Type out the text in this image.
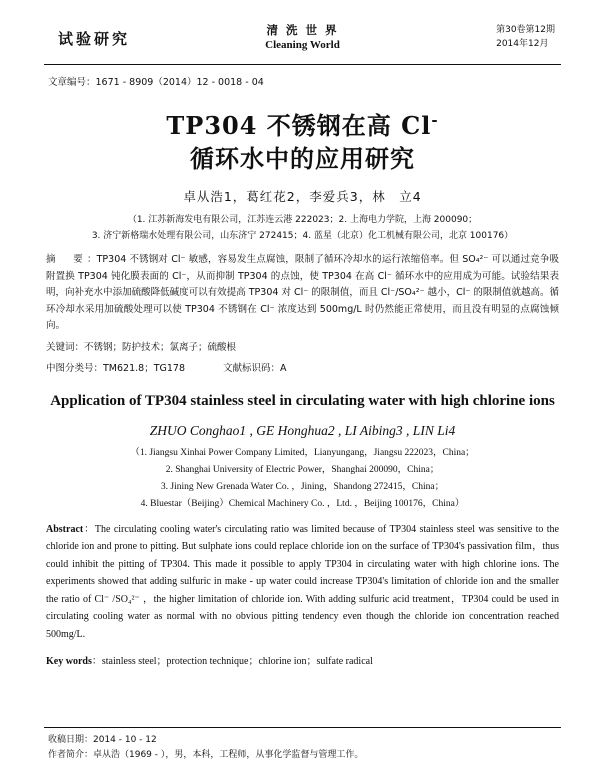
试验研究	清 洗 世 界
Cleaning World
第30卷第12期
2014年12月
文章编号：1671 - 8909（2014）12 - 0018 - 04
TP304 不锈钢在高 Cl-
循环水中的应用研究
卓从浩1，葛红花2，李爱兵3，林　立4
（1. 江苏新海发电有限公司，江苏连云港 222023；2. 上海电力学院，上海 200090；
3. 济宁新格瑞水处理有限公司，山东济宁 272415；4. 蓝星（北京）化工机械有限公司，北京 100176）
摘　要：TP304 不锈钢对 Cl⁻ 敏感，容易发生点腐蚀，限制了循环冷却水的运行浓缩倍率。但 SO₄²⁻ 可以通过竞争吸附置换 TP304 钝化膜表面的 Cl⁻，从而抑制 TP304 的点蚀，使 TP304 在高 Cl⁻ 循环水中的应用成为可能。试验结果表明，向补充水中添加硫酸降低碱度可以有效提高 TP304 对 Cl⁻ 的限制值，而且 Cl⁻/SO₄²⁻ 越小，Cl⁻ 的限制值就越高。循环冷却水采用加硫酸处理可以使 TP304 不锈钢在 Cl⁻ 浓度达到 500mg/L 时仍然能正常使用，而且没有明显的点腐蚀倾向。
关键词：不锈钢；防护技术；氯离子；硫酸根
中图分类号：TM621.8；TG178	文献标识码：A
Application of TP304 stainless steel in circulating water with high chlorine ions
ZHUO Conghao1 , GE Honghua2 , LI Aibing3 , LIN Li4
（1. Jiangsu Xinhai Power Company Limited，Lianyungang，Jiangsu 222023，China；
2. Shanghai University of Electric Power，Shanghai 200090，China；
3. Jining New Grenada Water Co. ，Jining，Shandong 272415，China；
4. Bluestar（Beijing）Chemical Machinery Co. ，Ltd. ，Beijing 100176，China）
Abstract：The circulating cooling water's circulating ratio was limited because of TP304 stainless steel was sensitive to the chloride ion and prone to pitting. But sulphate ions could replace chloride ion on the surface of TP304's passivation film，thus could inhibit the pitting of TP304. This made it possible to apply TP304 in circulating water with high chlorine ions. The experiments showed that adding sulfuric in make - up water could increase TP304's limitation of chloride ion and the smaller the ratio of Cl⁻ /SO₄²⁻ ，the higher limitation of chloride ion. With adding sulfuric acid treatment，TP304 could be used in circulating cooling water as normal with no obvious pitting tendency even though the chloride ion concentration reached 500mg/L.
Key words：stainless steel；protection technique；chlorine ion；sulfate radical
收稿日期：2014 - 10 - 12
作者简介：卓从浩（1969 - ），男，本科，工程师，从事化学监督与管理工作。
